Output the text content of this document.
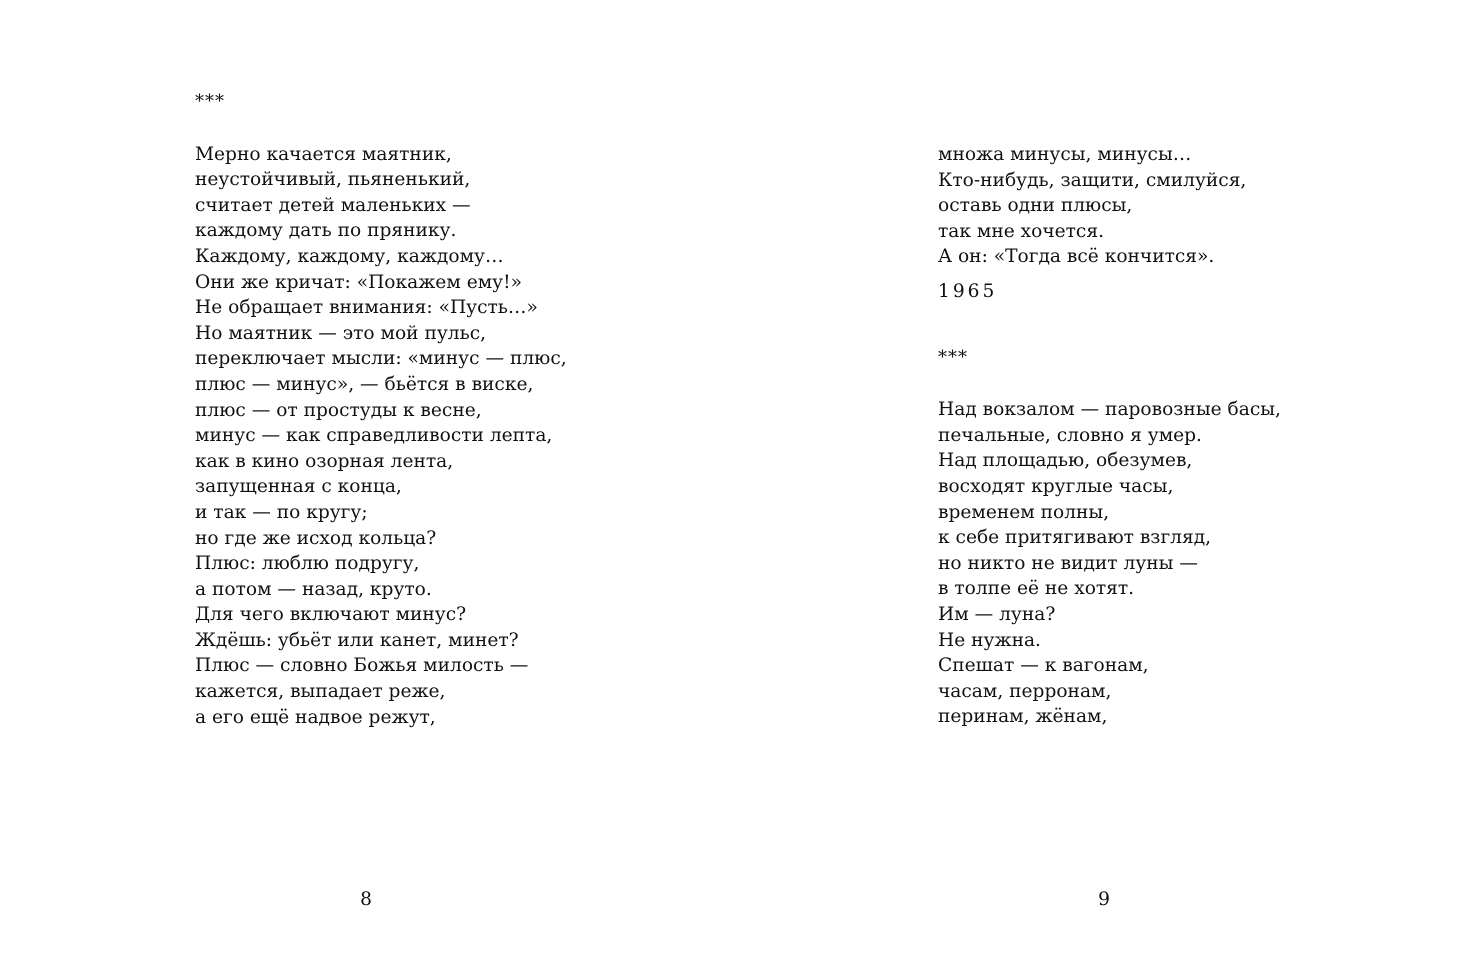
***
Мерно качается маятник,
неустойчивый, пьяненький,
считает детей маленьких —
каждому дать по прянику.
Каждому, каждому, каждому…
Они же кричат: «Покажем ему!»
Не обращает внимания: «Пусть…»
Но маятник — это мой пульс,
переключает мысли: «минус — плюс,
плюс — минус», — бьётся в виске,
плюс — от простуды к весне,
минус — как справедливости лепта,
как в кино озорная лента,
запущенная с конца,
и так — по кругу;
но где же исход кольца?
Плюс: люблю подругу,
а потом — назад, круто.
Для чего включают минус?
Ждёшь: убьёт или канет, минет?
Плюс — словно Божья милость —
кажется, выпадает реже,
а его ещё надвое режут,
8
множа минусы, минусы…
Кто-нибудь, защити, смилуйся,
оставь одни плюсы,
так мне хочется.
А он: «Тогда всё кончится».
1965
***
Над вокзалом — паровозные басы,
печальные, словно я умер.
Над площадью, обезумев,
восходят круглые часы,
временем полны,
к себе притягивают взгляд,
но никто не видит луны —
в толпе её не хотят.
Им — луна?
Не нужна.
Спешат — к вагонам,
часам, перронам,
перинам, жёнам,
9
